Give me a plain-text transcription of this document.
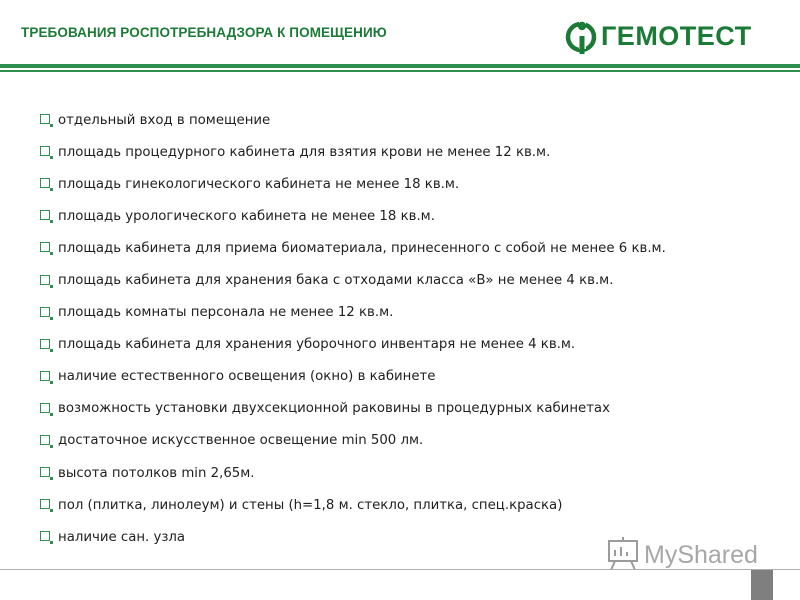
ТРЕБОВАНИЯ РОСПОТРЕБНАДЗОРА К ПОМЕЩЕНИЮ	ГЕМОТЕСТ
отдельный вход в помещение
площадь процедурного кабинета для взятия крови не менее 12 кв.м.
площадь гинекологического кабинета не менее 18 кв.м.
площадь урологического кабинета не менее 18 кв.м.
площадь кабинета для приема биоматериала, принесенного с собой не менее 6 кв.м.
площадь кабинета для хранения бака с отходами класса «В» не менее 4 кв.м.
площадь комнаты персонала не менее 12 кв.м.
площадь кабинета для хранения уборочного инвентаря не менее 4 кв.м.
наличие естественного освещения (окно) в кабинете
возможность установки двухсекционной раковины в процедурных кабинетах
достаточное искусственное освещение min 500 лм.
высота потолков min 2,65м.
пол (плитка, линолеум) и стены (h=1,8 м. стекло, плитка, спец.краска)
наличие сан. узла
MyShared
